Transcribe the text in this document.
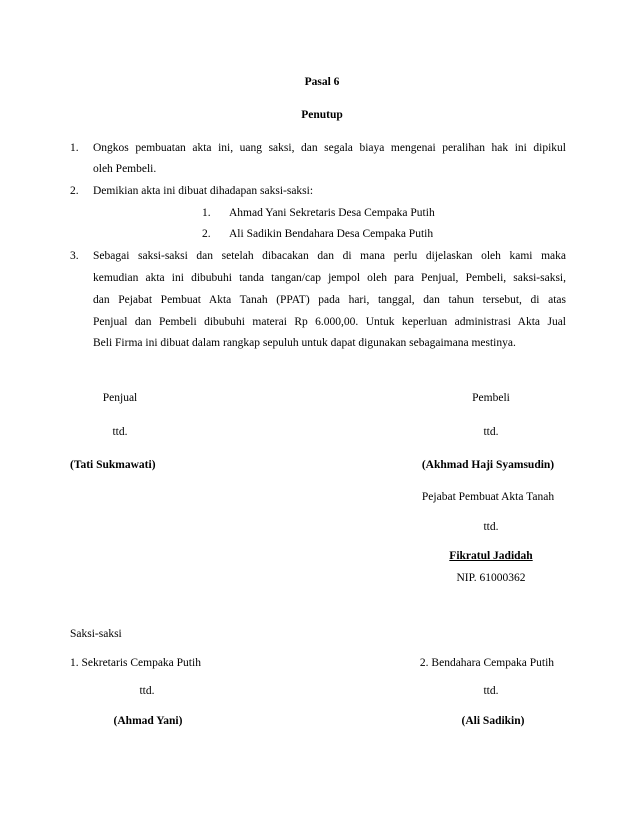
Pasal 6
Penutup
1. Ongkos pembuatan akta ini, uang saksi, dan segala biaya mengenai peralihan hak ini dipikul
oleh Pembeli.
2. Demikian akta ini dibuat dihadapan saksi-saksi:
1. Ahmad Yani Sekretaris Desa Cempaka Putih
2. Ali Sadikin Bendahara Desa Cempaka Putih
3. Sebagai saksi-saksi dan setelah dibacakan dan di mana perlu dijelaskan oleh kami maka
kemudian akta ini dibubuhi tanda tangan/cap jempol oleh para Penjual, Pembeli, saksi-saksi,
dan Pejabat Pembuat Akta Tanah (PPAT) pada hari, tanggal, dan tahun tersebut, di atas
Penjual dan Pembeli dibubuhi materai Rp 6.000,00. Untuk keperluan administrasi Akta Jual
Beli Firma ini dibuat dalam rangkap sepuluh untuk dapat digunakan sebagaimana mestinya.
Penjual	Pembeli
ttd.	ttd.
(Tati Sukmawati)	(Akhmad Haji Syamsudin)
Pejabat Pembuat Akta Tanah
ttd.
Fikratul Jadidah
NIP. 61000362
Saksi-saksi
1. Sekretaris Cempaka Putih	2. Bendahara Cempaka Putih
ttd.	ttd.
(Ahmad Yani)	(Ali Sadikin)
